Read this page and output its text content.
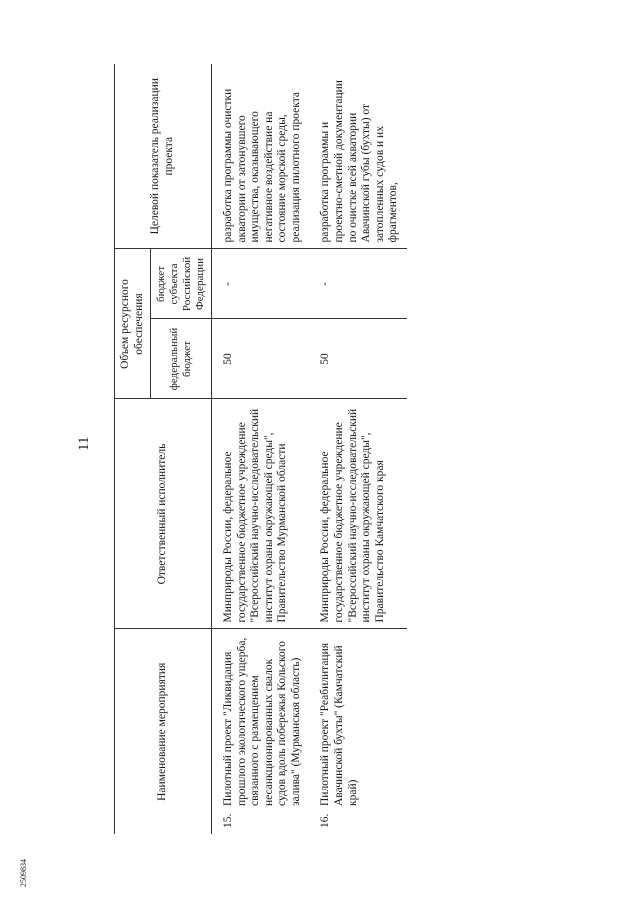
2509834
11
Наименование мероприятия	Ответственный исполнитель	Объем ресурсного обеспечения		Целевой показатель реализации проекта
		федеральный бюджет	бюджет субъекта Российской Федерации	

15.
Пилотный проект "Ликвидация прошлого экологического ущерба, связанного с размещением несанкционированных свалок судов вдоль побережья Кольского залива" (Мурманская область)	Минприроды России, федеральное государственное бюджетное учреждение "Всероссийский научно-исследовательский институт охраны окружающей среды", Правительство Мурманской области	50	-	разработка программы очистки акватории от затонувшего имущества, оказывающего негативное воздействие на состояние морской среды, реализация пилотного проекта

16.
Пилотный проект "Реабилитация Авачинской бухты" (Камчатский край)	Минприроды России, федеральное государственное бюджетное учреждение "Всероссийский научно-исследовательский институт охраны окружающей среды", Правительство Камчатского края	50	-	разработка программы и проектно-сметной документации по очистке всей акватории Авачинской губы (бухты) от затопленных судов и их фрагментов,
